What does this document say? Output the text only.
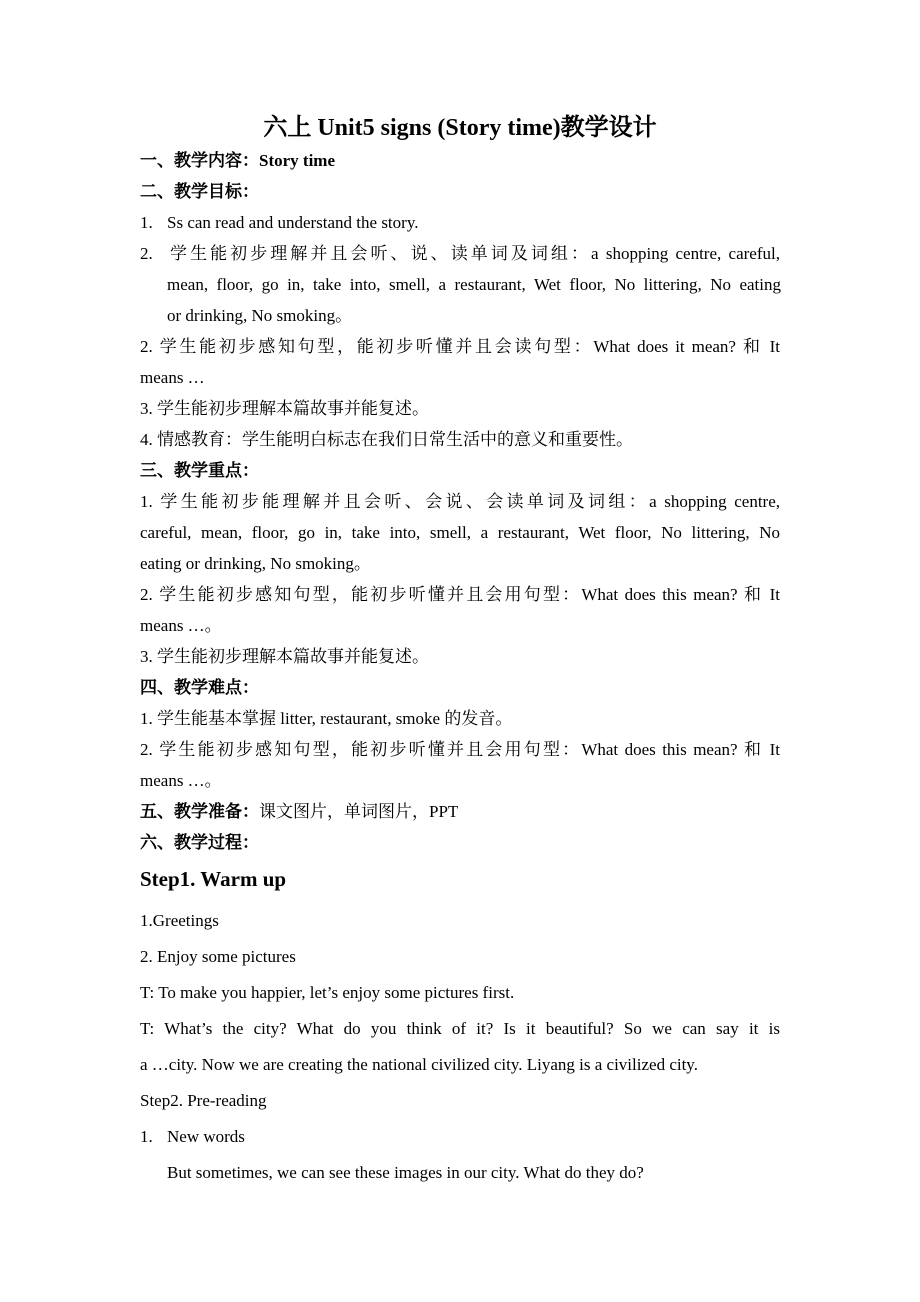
六上 Unit5 signs (Story time)教学设计
一、教学内容：Story time
二、教学目标：
1. Ss can read and understand the story.
2. 学生能初步理解并且会听、说、读单词及词组：a shopping centre, careful,
mean, floor, go in, take into, smell, a restaurant, Wet floor, No littering, No eating
or drinking, No smoking。
2. 学生能初步感知句型，能初步听懂并且会读句型：What does it mean? 和 It
means …
3. 学生能初步理解本篇故事并能复述。
4. 情感教育：学生能明白标志在我们日常生活中的意义和重要性。
三、教学重点：
1. 学生能初步能理解并且会听、会说、会读单词及词组：a shopping centre,
careful, mean, floor, go in, take into, smell, a restaurant, Wet floor, No littering, No
eating or drinking, No smoking。
2. 学生能初步感知句型，能初步听懂并且会用句型：What does this mean? 和 It
means …。
3. 学生能初步理解本篇故事并能复述。
四、教学难点：
1. 学生能基本掌握 litter, restaurant, smoke 的发音。
2. 学生能初步感知句型，能初步听懂并且会用句型：What does this mean? 和 It
means …。
五、教学准备：课文图片，单词图片，PPT
六、教学过程：
Step1. Warm up
1.Greetings
2. Enjoy some pictures
T: To make you happier, let’s enjoy some pictures first.
T: What’s the city? What do you think of it? Is it beautiful? So we can say it is
a …city. Now we are creating the national civilized city. Liyang is a civilized city.
Step2. Pre-reading
1. New words
But sometimes, we can see these images in our city. What do they do?
